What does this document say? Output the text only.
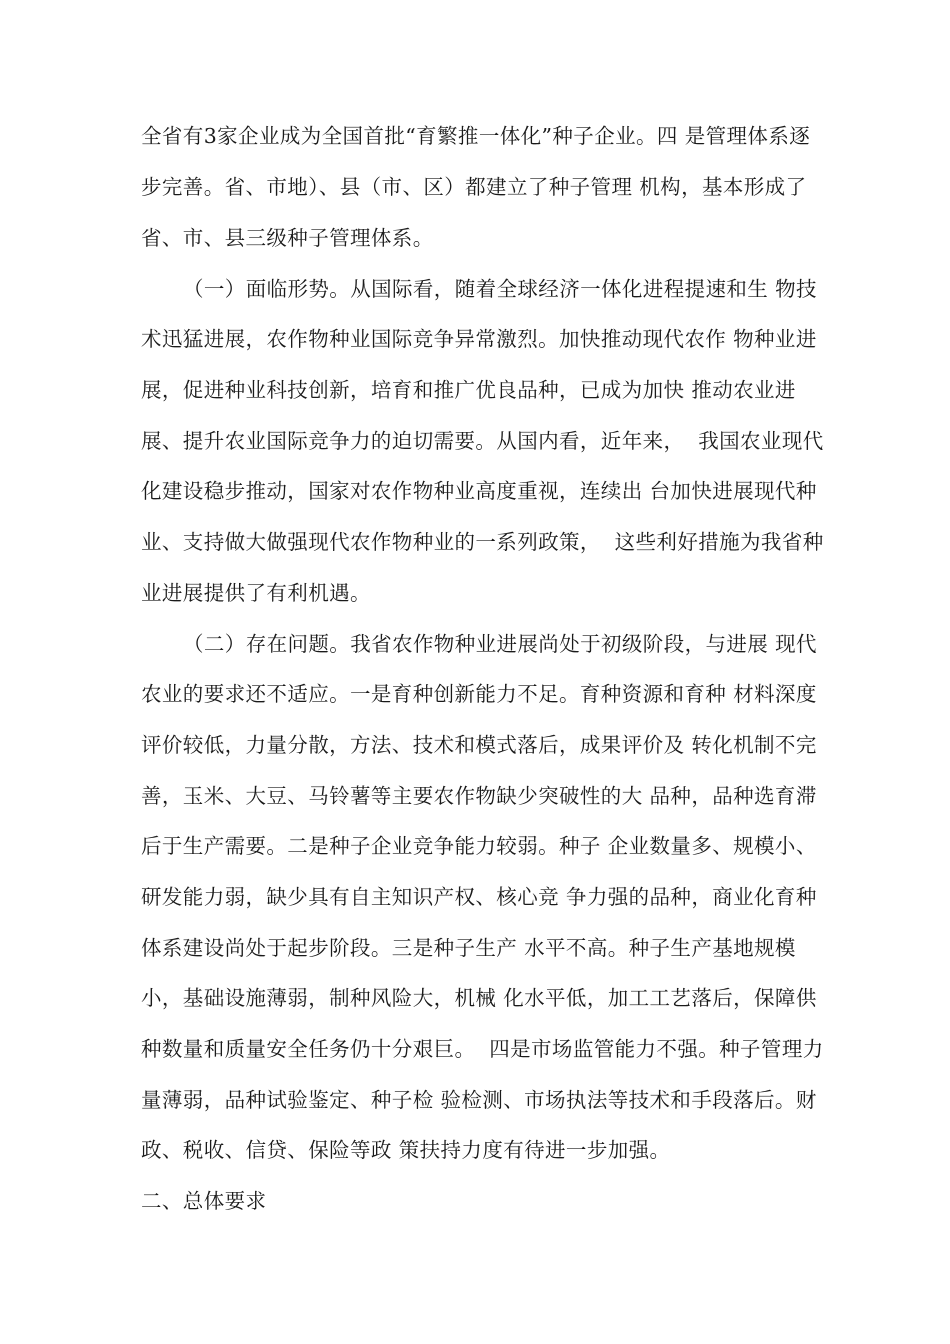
全省有3家企业成为全国首批“育繁推一体化”种子企业。四 是管理体系逐

步完善。省、市地）、县（市、区）都建立了种子管理 机构，基本形成了

省、市、县三级种子管理体系。

（一）面临形势。从国际看，随着全球经济一体化进程提速和生 物技

术迅猛进展，农作物种业国际竞争异常激烈。加快推动现代农作 物种业进

展，促进种业科技创新，培育和推广优良品种，已成为加快 推动农业进

展、提升农业国际竞争力的迫切需要。从国内看，近年来，  我国农业现代

化建设稳步推动，国家对农作物种业高度重视，连续出 台加快进展现代种

业、支持做大做强现代农作物种业的一系列政策，  这些利好措施为我省种

业进展提供了有利机遇。

（二）存在问题。我省农作物种业进展尚处于初级阶段，与进展 现代

农业的要求还不适应。一是育种创新能力不足。育种资源和育种 材料深度

评价较低，力量分散，方法、技术和模式落后，成果评价及 转化机制不完

善，玉米、大豆、马铃薯等主要农作物缺少突破性的大 品种，品种选育滞

后于生产需要。二是种子企业竞争能力较弱。种子 企业数量多、规模小、

研发能力弱，缺少具有自主知识产权、核心竞 争力强的品种，商业化育种

体系建设尚处于起步阶段。三是种子生产 水平不高。种子生产基地规模

小，基础设施薄弱，制种风险大，机械 化水平低，加工工艺落后，保障供

种数量和质量安全任务仍十分艰巨。  四是市场监管能力不强。种子管理力

量薄弱，品种试验鉴定、种子检 验检测、市场执法等技术和手段落后。财

政、税收、信贷、保险等政 策扶持力度有待进一步加强。

二、总体要求
